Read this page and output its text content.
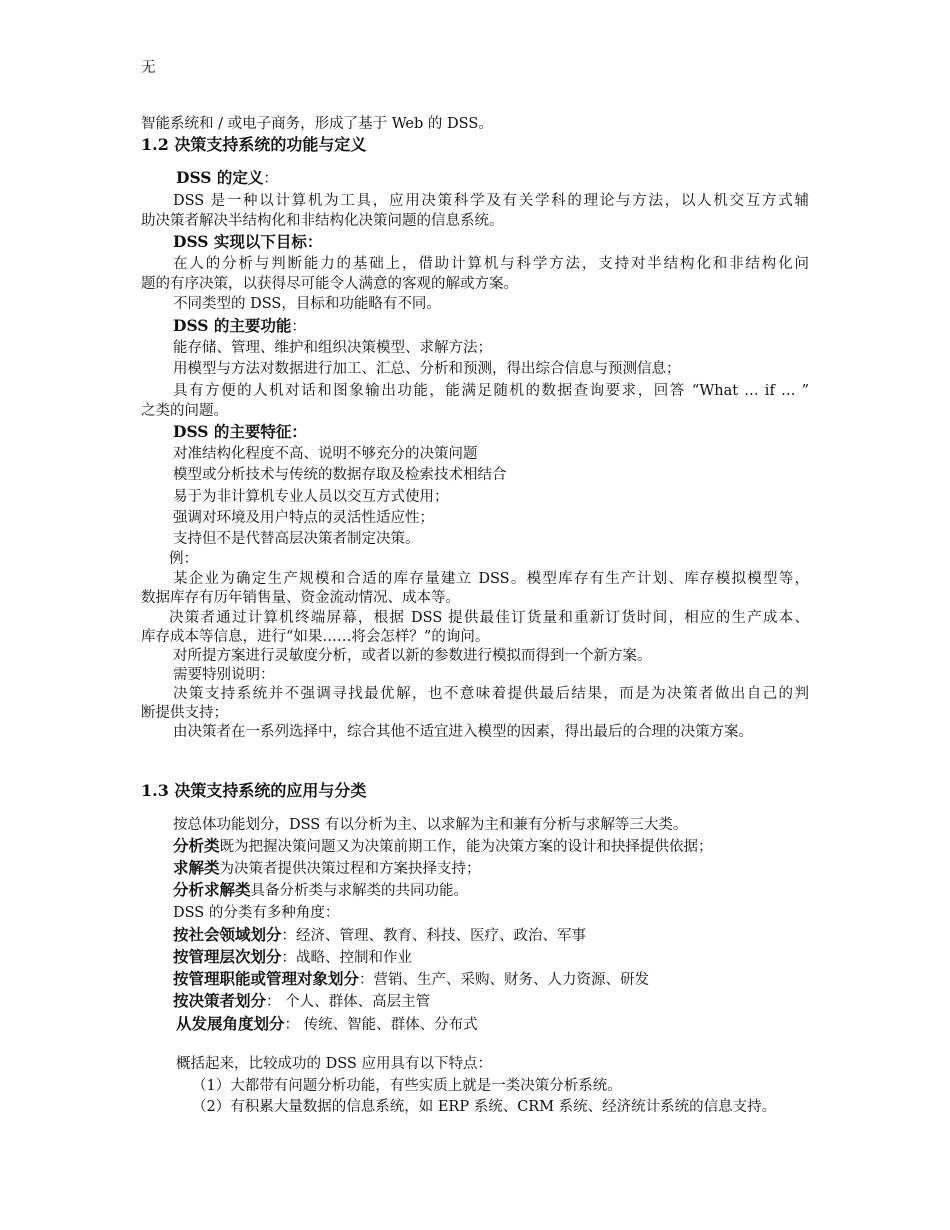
无
智能系统和 / 或电子商务，形成了基于 Web 的 DSS。
1.2 决策支持系统的功能与定义
DSS 的定义：
DSS 是一种以计算机为工具，应用决策科学及有关学科的理论与方法，以人机交互方式辅
助决策者解决半结构化和非结构化决策问题的信息系统。
DSS 实现以下目标：
在人的分析与判断能力的基础上，借助计算机与科学方法，支持对半结构化和非结构化问
题的有序决策，以获得尽可能令人满意的客观的解或方案。
不同类型的 DSS，目标和功能略有不同。
DSS 的主要功能：
能存储、管理、维护和组织决策模型、求解方法；
用模型与方法对数据进行加工、汇总、分析和预测，得出综合信息与预测信息；
具有方便的人机对话和图象输出功能，能满足随机的数据查询要求，回答 “What … if … ”
之类的问题。
DSS 的主要特征：
对准结构化程度不高、说明不够充分的决策问题
模型或分析技术与传统的数据存取及检索技术相结合
易于为非计算机专业人员以交互方式使用；
强调对环境及用户特点的灵活性适应性；
支持但不是代替高层决策者制定决策。
例：
某企业为确定生产规模和合适的库存量建立 DSS。模型库存有生产计划、库存模拟模型等，
数据库存有历年销售量、资金流动情况、成本等。
决策者通过计算机终端屏幕，根据 DSS 提供最佳订货量和重新订货时间，相应的生产成本、
库存成本等信息，进行“如果……将会怎样？”的询问。
对所提方案进行灵敏度分析，或者以新的参数进行模拟而得到一个新方案。
需要特别说明：
决策支持系统并不强调寻找最优解，也不意味着提供最后结果，而是为决策者做出自己的判
断提供支持；
由决策者在一系列选择中，综合其他不适宜进入模型的因素，得出最后的合理的决策方案。
1.3 决策支持系统的应用与分类
按总体功能划分，DSS 有以分析为主、以求解为主和兼有分析与求解等三大类。
分析类既为把握决策问题又为决策前期工作，能为决策方案的设计和抉择提供依据；
求解类为决策者提供决策过程和方案抉择支持；
分析求解类具备分析类与求解类的共同功能。
DSS 的分类有多种角度：
按社会领域划分：经济、管理、教育、科技、医疗、政治、军事
按管理层次划分：战略、控制和作业
按管理职能或管理对象划分：营销、生产、采购、财务、人力资源、研发
按决策者划分： 个人、群体、高层主管
从发展角度划分： 传统、智能、群体、分布式
概括起来，比较成功的 DSS 应用具有以下特点：
（1）大都带有问题分析功能，有些实质上就是一类决策分析系统。
（2）有积累大量数据的信息系统，如 ERP 系统、CRM 系统、经济统计系统的信息支持。
